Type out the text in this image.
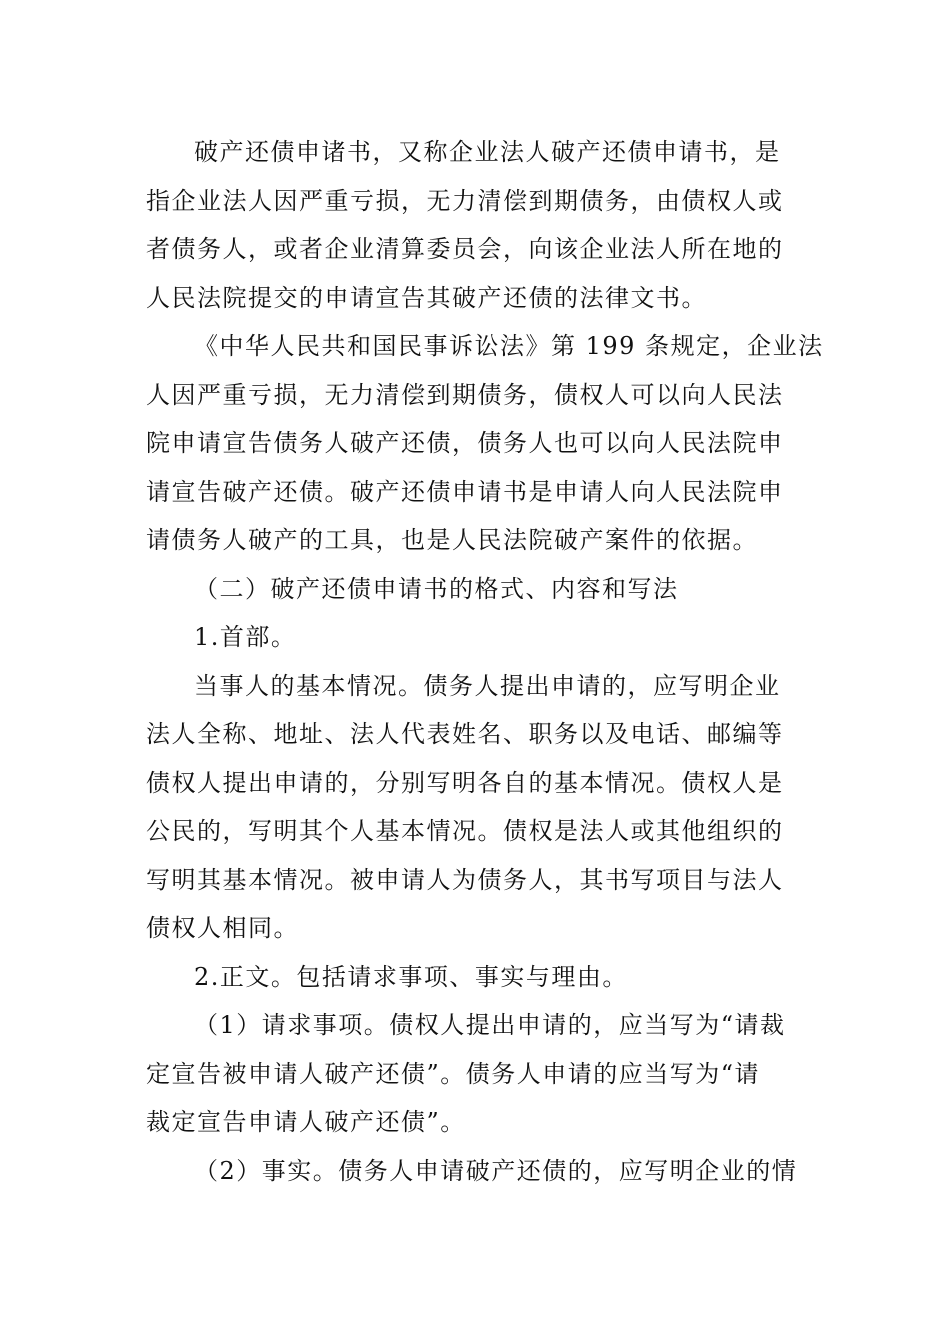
破产还债申诸书，又称企业法人破产还债申请书，是
指企业法人因严重亏损，无力清偿到期债务，由债权人或
者债务人，或者企业清算委员会，向该企业法人所在地的
人民法院提交的申请宣告其破产还债的法律文书。

《中华人民共和国民事诉讼法》第 199 条规定，企业法
人因严重亏损，无力清偿到期债务，债权人可以向人民法
院申请宣告债务人破产还债，债务人也可以向人民法院申
请宣告破产还债。破产还债申请书是申请人向人民法院申
请债务人破产的工具，也是人民法院破产案件的依据。

（二）破产还债申请书的格式、内容和写法

1.首部。

当事人的基本情况。债务人提出申请的，应写明企业
法人全称、地址、法人代表姓名、职务以及电话、邮编等
债权人提出申请的，分别写明各自的基本情况。债权人是
公民的，写明其个人基本情况。债权是法人或其他组织的
写明其基本情况。被申请人为债务人，其书写项目与法人
债权人相同。

2.正文。包括请求事项、事实与理由。

（1）请求事项。债权人提出申请的，应当写为“请裁
定宣告被申请人破产还债”。债务人申请的应当写为“请
裁定宣告申请人破产还债”。

（2）事实。债务人申请破产还债的，应写明企业的情
